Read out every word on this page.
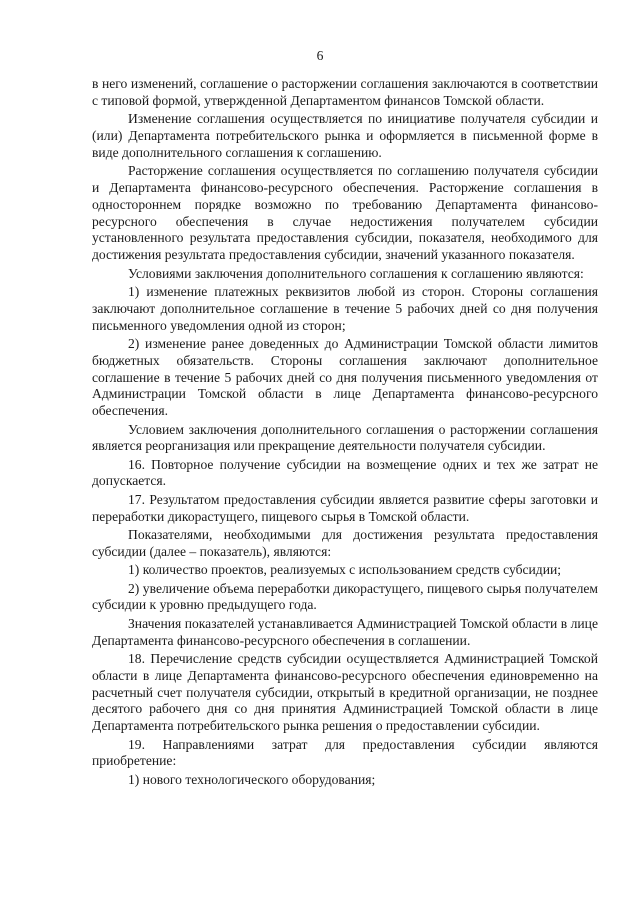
6

в него изменений, соглашение о расторжении соглашения заключаются в соответствии с типовой формой, утвержденной Департаментом финансов Томской области.

Изменение соглашения осуществляется по инициативе получателя субсидии и (или) Департамента потребительского рынка и оформляется в письменной форме в виде дополнительного соглашения к соглашению.

Расторжение соглашения осуществляется по соглашению получателя субсидии и Департамента финансово-ресурсного обеспечения. Расторжение соглашения в одностороннем порядке возможно по требованию Департамента финансово-ресурсного обеспечения в случае недостижения получателем субсидии установленного результата предоставления субсидии, показателя, необходимого для достижения результата предоставления субсидии, значений указанного показателя.

Условиями заключения дополнительного соглашения к соглашению являются:

1) изменение платежных реквизитов любой из сторон. Стороны соглашения заключают дополнительное соглашение в течение 5 рабочих дней со дня получения письменного уведомления одной из сторон;

2) изменение ранее доведенных до Администрации Томской области лимитов бюджетных обязательств. Стороны соглашения заключают дополнительное соглашение в течение 5 рабочих дней со дня получения письменного уведомления от Администрации Томской области в лице Департамента финансово-ресурсного обеспечения.

Условием заключения дополнительного соглашения о расторжении соглашения является реорганизация или прекращение деятельности получателя субсидии.

16. Повторное получение субсидии на возмещение одних и тех же затрат не допускается.

17. Результатом предоставления субсидии является развитие сферы заготовки и переработки дикорастущего, пищевого сырья в Томской области.

Показателями, необходимыми для достижения результата предоставления субсидии (далее – показатель), являются:

1) количество проектов, реализуемых с использованием средств субсидии;

2) увеличение объема переработки дикорастущего, пищевого сырья получателем субсидии к уровню предыдущего года.

Значения показателей устанавливается Администрацией Томской области в лице Департамента финансово-ресурсного обеспечения в соглашении.

18. Перечисление средств субсидии осуществляется Администрацией Томской области в лице Департамента финансово-ресурсного обеспечения единовременно на расчетный счет получателя субсидии, открытый в кредитной организации, не позднее десятого рабочего дня со дня принятия Администрацией Томской области в лице Департамента потребительского рынка решения о предоставлении субсидии.

19. Направлениями затрат для предоставления субсидии являются приобретение:

1) нового технологического оборудования;
